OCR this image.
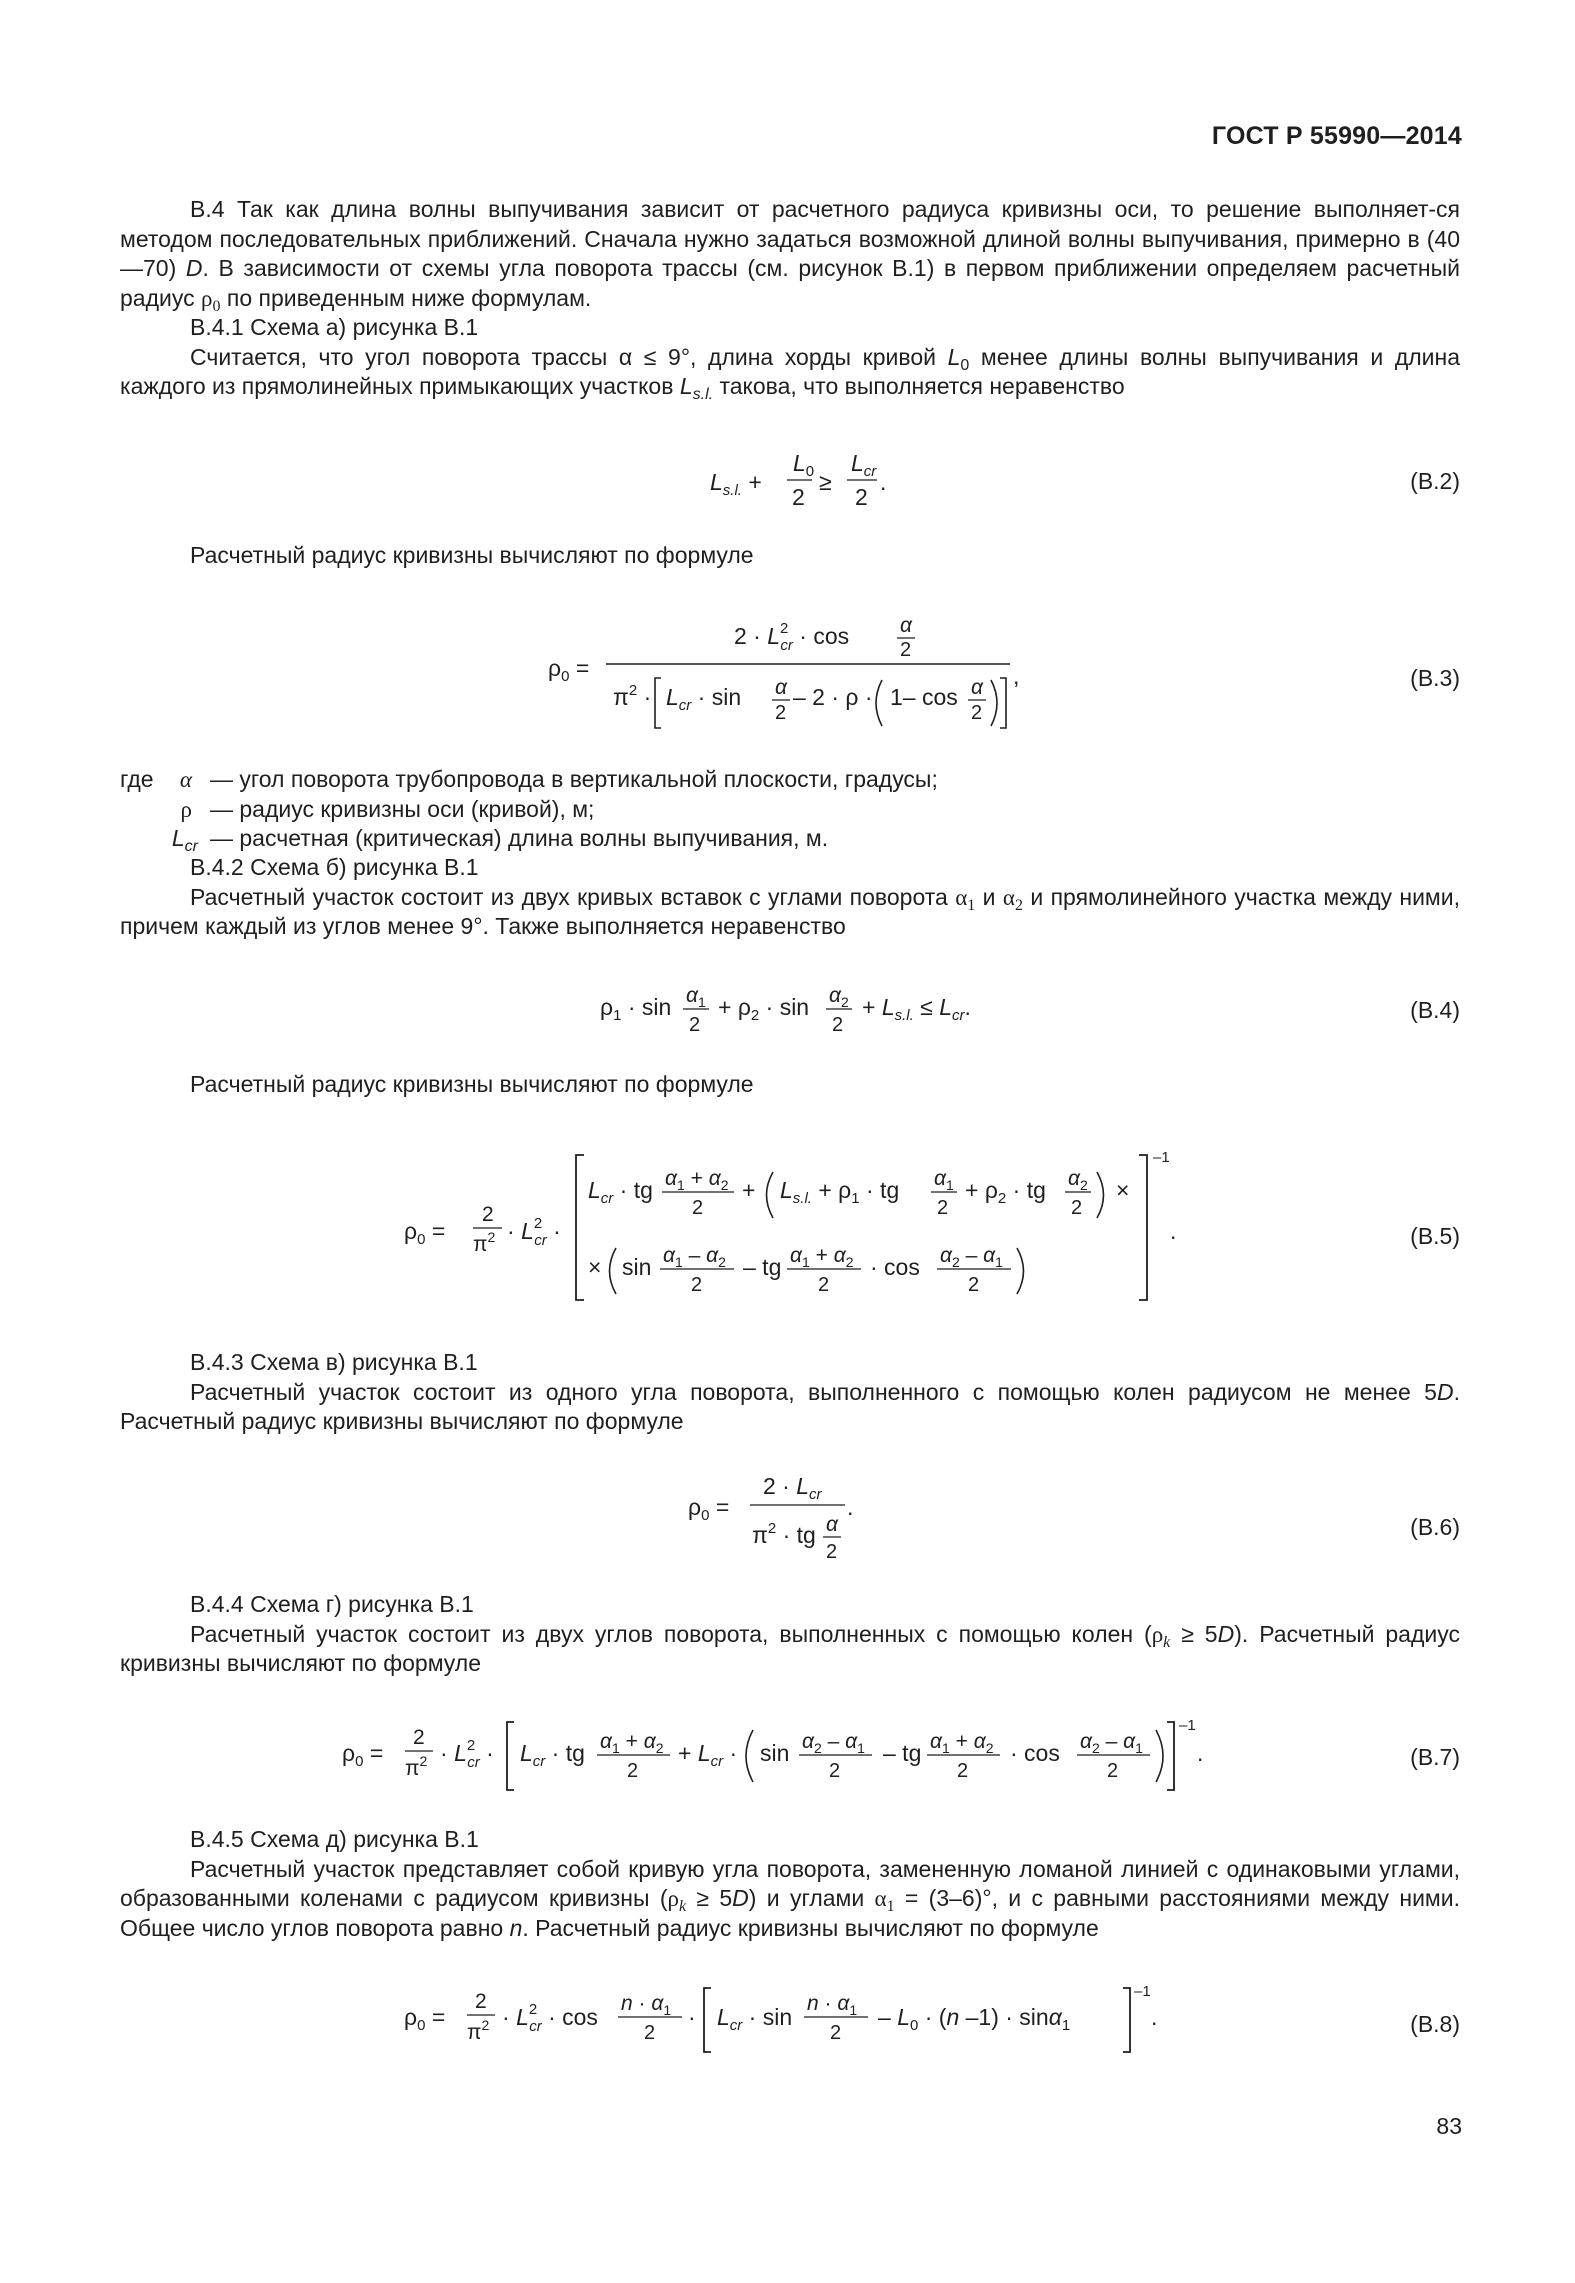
ГОСТ Р 55990—2014

В.4 Так как длина волны выпучивания зависит от расчетного радиуса кривизны оси, то решение выполняет-ся методом последовательных приближений. Сначала нужно задаться возможной длиной волны выпучивания, примерно в (40—70) D. В зависимости от схемы угла поворота трассы (см. рисунок В.1) в первом приближении определяем расчетный радиус $\rho_0$ по приведенным ниже формулам.

В.4.1 Схема а) рисунка В.1

Считается, что угол поворота трассы α ≤ 9°, длина хорды кривой $L_0$ менее длины волны выпучивания и длина каждого из прямолинейных примыкающих участков $L_{s.l.}$ такова, что выполняется неравенство

$L_{s.l.}$ +
$L_0$
2
≥
$L_{cr}$
2
.	(В.2)

Расчетный радиус кривизны вычисляют по формуле

$\rho_0$ =
$2 \cdot L^2$ cr · cos α
2
$\pi^2 \cdot L_{cr} \cdot \sin \alpha$
2
– 2 · ρ · 1– cos α
2
,	(В.3)
где	α — угол поворота трубопровода в вертикальной плоскости, градусы;
ρ — радиус кривизны оси (кривой), м;
$L_{cr}$ — расчетная (критическая) длина волны выпучивания, м.

В.4.2 Схема б) рисунка В.1

Расчетный участок состоит из двух кривых вставок с углами поворота $\alpha_1$ и $\alpha_2$ и прямолинейного участка между ними, причем каждый из углов менее 9°. Также выполняется неравенство

$\rho_1 \cdot \sin \alpha_1$
2
+ $\rho_2 \cdot \sin \alpha_2$
2
+ $L_{s.l.} \le L_{cr}$.	(В.4)

Расчетный радиус кривизны вычисляют по формуле

$\rho_0$ =
2
$\pi^2 \cdot L^2$ cr ·
$L_{cr}$ · tg $\alpha_1 + \alpha_2$
2
+ $L_{s.l.} + \rho_1$ · tg $\alpha_1$
2
+ $\rho_2$ · tg $\alpha_2$
2
×
× $\sin \alpha_1 - \alpha_2$
2
– tg $\alpha_1 + \alpha_2$
2
· $\cos \alpha_2 - \alpha_1$
2
–1
.	(В.5)

В.4.3 Схема в) рисунка В.1

Расчетный участок состоит из одного угла поворота, выполненного с помощью колен радиусом не менее 5D. Расчетный радиус кривизны вычисляют по формуле

$\rho_0$ =
$2 \cdot L_{cr}$
$\pi^2$ · tg α
2
.
(В.6)

В.4.4 Схема г) рисунка В.1

Расчетный участок состоит из двух углов поворота, выполненных с помощью колен $(\rho_k \ge 5D)$. Расчетный радиус кривизны вычисляют по формуле

$\rho_0$ =
2
$\pi^2 \cdot L^2$ cr · $L_{cr}$ · tg $\alpha_1 + \alpha_2$
2
+ $L_{cr} \cdot \sin \alpha_2 - \alpha_1$
2
– tg $\alpha_1 + \alpha_2$
2
· $\cos \alpha_2 - \alpha_1$
2
–1
.	(В.7)

В.4.5 Схема д) рисунка В.1

Расчетный участок представляет собой кривую угла поворота, замененную ломаной линией с одинаковыми углами, образованными коленами с радиусом кривизны $(\rho_k \ge 5D)$ и углами $\alpha_1 = (3-6)^\circ$, и с равными расстояниями между ними. Общее число углов поворота равно n. Расчетный радиус кривизны вычисляют по формуле

$\rho_0$ =
2
$\pi^2 \cdot L^2$ cr · cos
$n \cdot \alpha_1$
2
· $L_{cr} \cdot \sin$
$n \cdot \alpha_1$
2
– $L_0 \cdot (n$ –1) · sinα$_1$
–1
.	(В.8)
83
